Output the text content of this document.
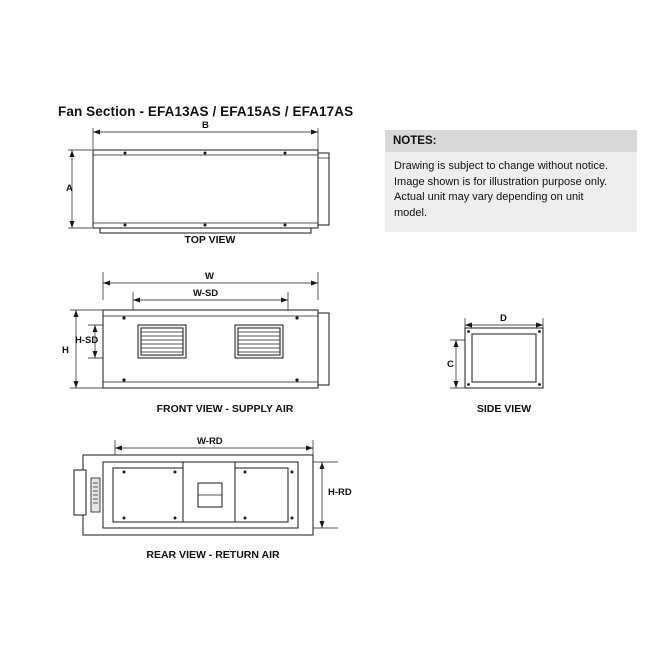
Fan Section - EFA13AS / EFA15AS / EFA17AS
NOTES:
Drawing is subject to change without notice.
Image shown is for illustration purpose only.
Actual unit may vary depending on unit
model.
B
A
TOP VIEW
W
W-SD
H-SD
H
FRONT VIEW - SUPPLY AIR
D
C
SIDE VIEW
W-RD
H-RD
REAR VIEW - RETURN AIR
